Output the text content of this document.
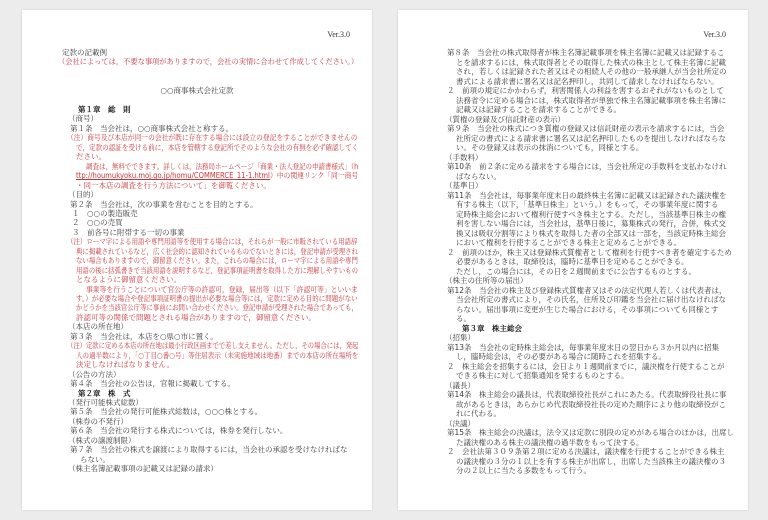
Ver.3.0
定款の記載例
（会社によっては，不要な事項がありますので，会社の実情に合わせて作成してください。）
○○商事株式会社定款
第１章　総　則
（商号）
第１条　当会社は，○○商事株式会社と称する。
（注）商号及び本店が同一の会社が既に存在する場合には設立の登記をすることができませんの
で，定款の認証を受ける前に，本店を管轄する登記所でそのような会社の有無を必ず確認してく
ださい。
調査は，無料でできます。詳しくは，法務局ホームページ「商業・法人登記の申請書様式」（h
ttp://houmukyoku.moj.go.jp/homu/COMMERCE_11-1.html）中の関連リンク「同一商号
・同一本店の調査を行う方法について」を御覧ください。
（目的）
第２条　当会社は，次の事業を営むことを目的とする。
１　○○の製造販売
２　○○の売買
３　前各号に附帯する一切の事業
（注）ローマ字による用語や専門用語等を使用する場合には，それらが一般に市販されている用語辞
典に掲載されているなど，広く社会的に認知されているものでないときには，登記申請が受理され
ない場合もありますので，御留意ください。また，これらの場合には，ローマ字による用語や専門
用語の後に括弧書きで当該用語を説明するなど，登記事項証明書を取得した方に理解しやすいもの
となるように御留意ください。
事業等を行うことについて官公庁等の許認可，登録，届出等（以下「許認可等」といいま
す。）が必要な場合や登記事項証明書の提出が必要な場合等には，定款に定める目的に問題がない
かどうかを当該官公庁等に事前にお問い合わせください。登記申請が受理された場合であっても，
許認可等の関係で問題とされる場合がありますので，御留意ください。
（本店の所在地）
第３条　当会社は，本店を○県○市に置く。
（注）定款に定める本店の所在地は最小行政区画までで差し支えません。ただし，その場合には，発起
人の過半数により，「○丁目○番○号」等住居表示（未実施地域は地番）までの本店の所在場所を
決定しなければなりません。
（公告の方法）
第４条　当会社の公告は，官報に掲載してする。
第２章　株　式
（発行可能株式総数）
第５条　当会社の発行可能株式総数は，○○○株とする。
（株券の不発行）
第６条　当会社の発行する株式については，株券を発行しない。
（株式の譲渡制限）
第７条　当会社の株式を譲渡により取得するには，当会社の承認を受けなければな
らない。
（株主名簿記載事項の記載又は記録の請求）
Ver.3.0
第８条　当会社の株式取得者が株主名簿記載事項を株主名簿に記載又は記録するこ
とを請求するには，株式取得者とその取得した株式の株主として株主名簿に記載
され，若しくは記録された者又はその相続人その他の一般承継人が当会社所定の
書式による請求書に署名又は記名押印し，共同して請求しなければならない。
２　前項の規定にかかわらず，利害関係人の利益を害するおそれがないものとして
法務省令に定める場合には，株式取得者が単独で株主名簿記載事項を株主名簿に
記載又は記録することを請求することができる。
（質権の登録及び信託財産の表示）
第９条　当会社の株式につき質権の登録又は信託財産の表示を請求するには，当会
社所定の書式による請求書に署名又は記名押印したものを提出しなければならな
い。その登録又は表示の抹消についても，同様とする。
（手数料）
第10条　前２条に定める請求をする場合には，当会社所定の手数料を支払わなけれ
ばならない。
（基準日）
第11条　当会社は，毎事業年度末日の最終株主名簿に記載又は記録された議決権を
有する株主（以下，「基準日株主」という。）をもって，その事業年度に関する
定時株主総会において権利行使すべき株主とする。ただし，当該基準日株主の権
利を害しない場合には，当会社は，基準日後に，募集株式の発行，合併，株式交
換又は吸収分割等により株式を取得した者の全部又は一部を，当該定時株主総会
において権利を行使することができる株主と定めることができる。
２　前項のほか，株主又は登録株式質権者として権利を行使すべき者を確定するため
必要があるときは，取締役は，臨時に基準日を定めることができる。
ただし，この場合には，その日を２週間前までに公告するものとする。
（株主の住所等の届出）
第12条　当会社の株主及び登録株式質権者又はその法定代理人若しくは代表者は，
当会社所定の書式により，その氏名，住所及び印鑑を当会社に届け出なければな
らない。届出事項に変更が生じた場合における，その事項についても同様とす
る。
第３章　株主総会
（招集）
第13条　当会社の定時株主総会は，毎事業年度末日の翌日から３か月以内に招集
し，臨時総会は，その必要がある場合に随時これを招集する。
２　株主総会を招集するには，会日より１週間前までに，議決権を行使することが
できる株主に対して招集通知を発するものとする。
（議長）
第14条　株主総会の議長は，代表取締役社長がこれにあたる。代表取締役社長に事
故があるときは，あらかじめ代表取締役社長の定めた順序により他の取締役がこ
れに代わる。
（決議）
第15条　株主総会の決議は，法令又は定款に別段の定めがある場合のほかは，出席し
た議決権のある株主の議決権の過半数をもって決する。
２　会社法第３０９条第２項に定める決議は，議決権を行使することができる株主
の議決権の３分の１以上を有する株主が出席し，出席した当該株主の議決権の３
分の２以上に当たる多数をもって行う。
